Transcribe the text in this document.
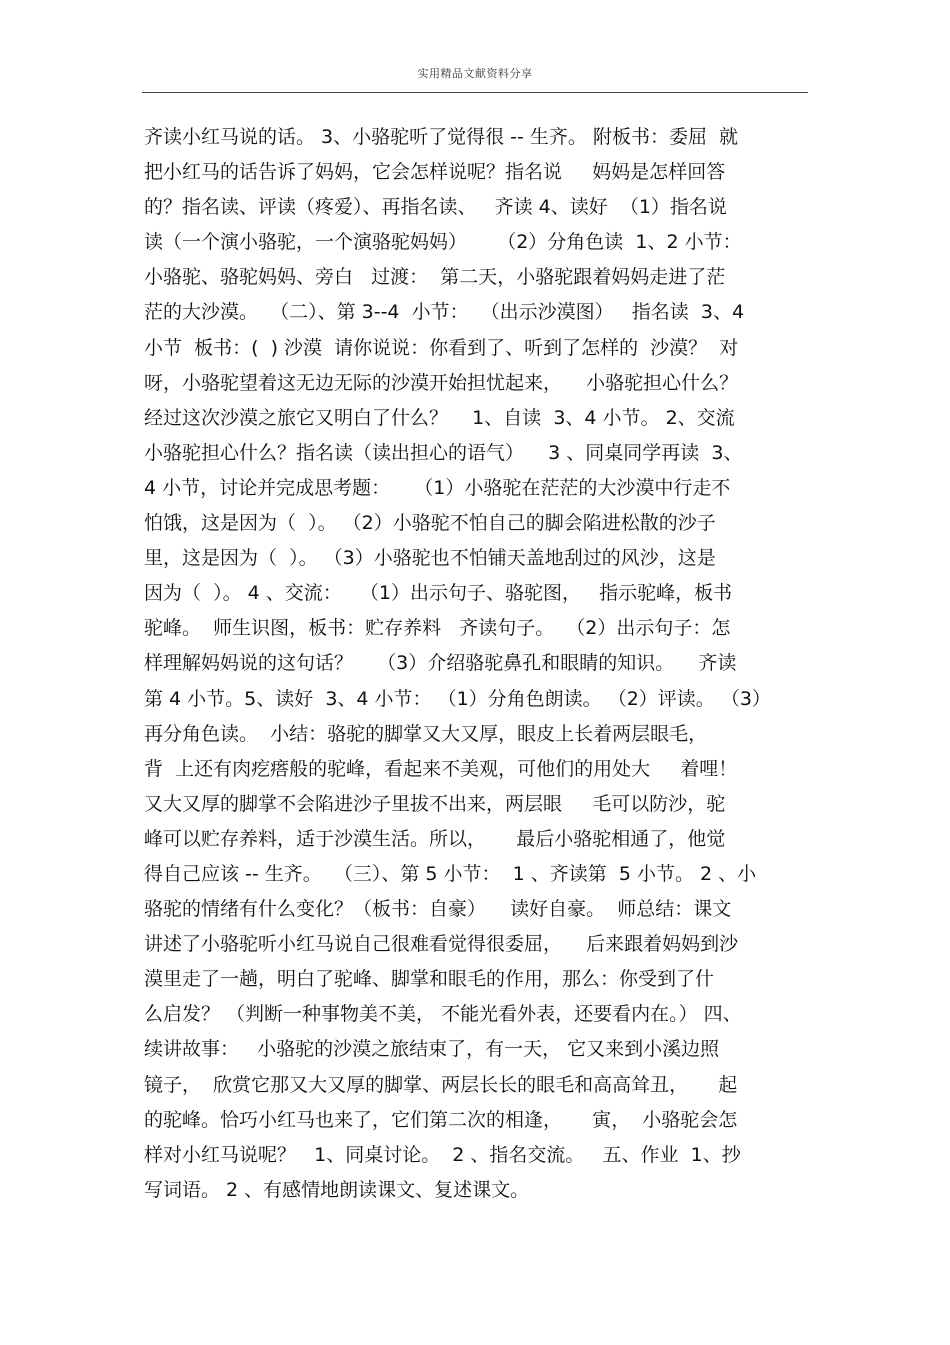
实用精品文献资料分享
齐读小红马说的话。 3、小骆驼听了觉得很 -- 生齐。 附板书：委屈  就
把小红马的话告诉了妈妈，它会怎样说呢？指名说     妈妈是怎样回答
的？指名读、评读（疼爱）、再指名读、   齐读 4、读好  （1）指名说
读（一个演小骆驼，一个演骆驼妈妈）     （2）分角色读  1、2 小节：
小骆驼、骆驼妈妈、旁白   过渡：  第二天，小骆驼跟着妈妈走进了茫
茫的大沙漠。  （二）、第 3--4  小节：  （出示沙漠图）   指名读  3、4
小节  板书：(  ) 沙漠  请你说说：你看到了、听到了怎样的  沙漠？  对
呀，小骆驼望着这无边无际的沙漠开始担忧起来，    小骆驼担心什么？
经过这次沙漠之旅它又明白了什么？    1、自读  3、4 小节。 2、交流
小骆驼担心什么？指名读（读出担心的语气）    3 、同桌同学再读  3、
4 小节，讨论并完成思考题：    （1）小骆驼在茫茫的大沙漠中行走不
怕饿，这是因为（  ）。 （2）小骆驼不怕自己的脚会陷进松散的沙子
里，这是因为（  ）。 （3）小骆驼也不怕铺天盖地刮过的风沙，这是
因为（  ）。 4 、交流：   （1）出示句子、骆驼图，   指示驼峰，板书
驼峰。  师生识图，板书：贮存养料   齐读句子。  （2）出示句子：怎
样理解妈妈说的这句话？    （3）介绍骆驼鼻孔和眼睛的知识。    齐读
第 4 小节。5、读好  3、4 小节： （1）分角色朗读。 （2）评读。 （3）
再分角色读。  小结：骆驼的脚掌又大又厚，眼皮上长着两层眼毛，
背  上还有肉疙瘩般的驼峰，看起来不美观，可他们的用处大     着哩！
又大又厚的脚掌不会陷进沙子里拔不出来，两层眼     毛可以防沙，驼
峰可以贮存养料，适于沙漠生活。所以，     最后小骆驼相通了，他觉
得自己应该 -- 生齐。  （三）、第 5 小节：  1 、齐读第  5 小节。 2 、小
骆驼的情绪有什么变化？（板书：自豪）    读好自豪。  师总结：课文
讲述了小骆驼听小红马说自己很难看觉得很委屈，    后来跟着妈妈到沙
漠里走了一趟，明白了驼峰、脚掌和眼毛的作用，那么：你受到了什
么启发？ （判断一种事物美不美， 不能光看外表，还要看内在。） 四、
续讲故事：   小骆驼的沙漠之旅结束了，有一天， 它又来到小溪边照
镜子，  欣赏它那又大又厚的脚掌、两层长长的眼毛和高高耸丑，     起
的驼峰。恰巧小红马也来了，它们第二次的相逢，     寅，  小骆驼会怎
样对小红马说呢？   1、同桌讨论。  2 、指名交流。   五、作业  1、抄
写词语。 2 、有感情地朗读课文、复述课文。
